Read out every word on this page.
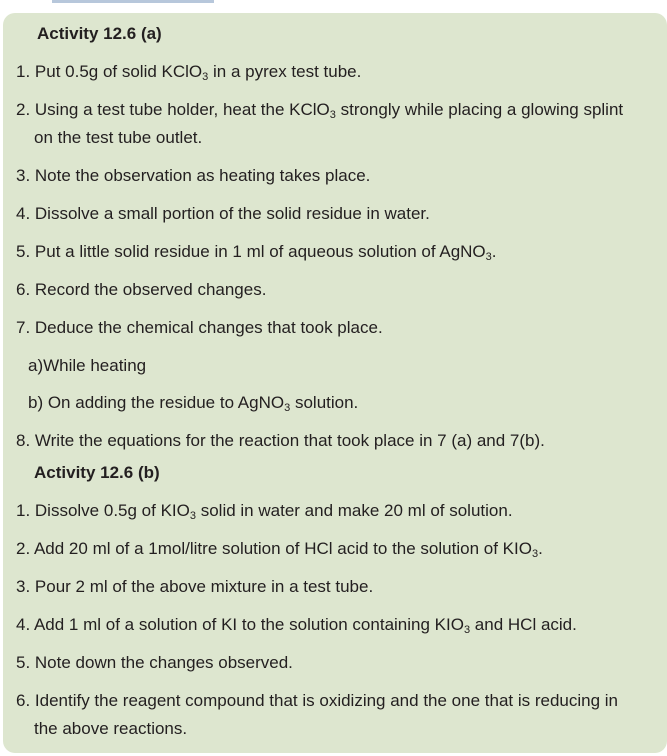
Activity 12.6 (a)
1. Put 0.5g of solid KClO$_3$ in a pyrex test tube.
2. Using a test tube holder, heat the KClO$_3$ strongly while placing a glowing splint
on the test tube outlet.
3. Note the observation as heating takes place.
4. Dissolve a small portion of the solid residue in water.
5. Put a little solid residue in 1 ml of aqueous solution of AgNO$_3$.
6. Record the observed changes.
7. Deduce the chemical changes that took place.
a)While heating
b) On adding the residue to AgNO$_3$ solution.
8. Write the equations for the reaction that took place in 7 (a) and 7(b).
Activity 12.6 (b)
1. Dissolve 0.5g of $KIO_3$ solid in water and make 20 ml of solution.
2. Add 20 ml of a 1mol/litre solution of HCl acid to the solution of $KIO_3$.
3. Pour 2 ml of the above mixture in a test tube.
4. Add 1 ml of a solution of KI to the solution containing $KIO_3$ and HCl acid.
5. Note down the changes observed.
6. Identify the reagent compound that is oxidizing and the one that is reducing in
the above reactions.
